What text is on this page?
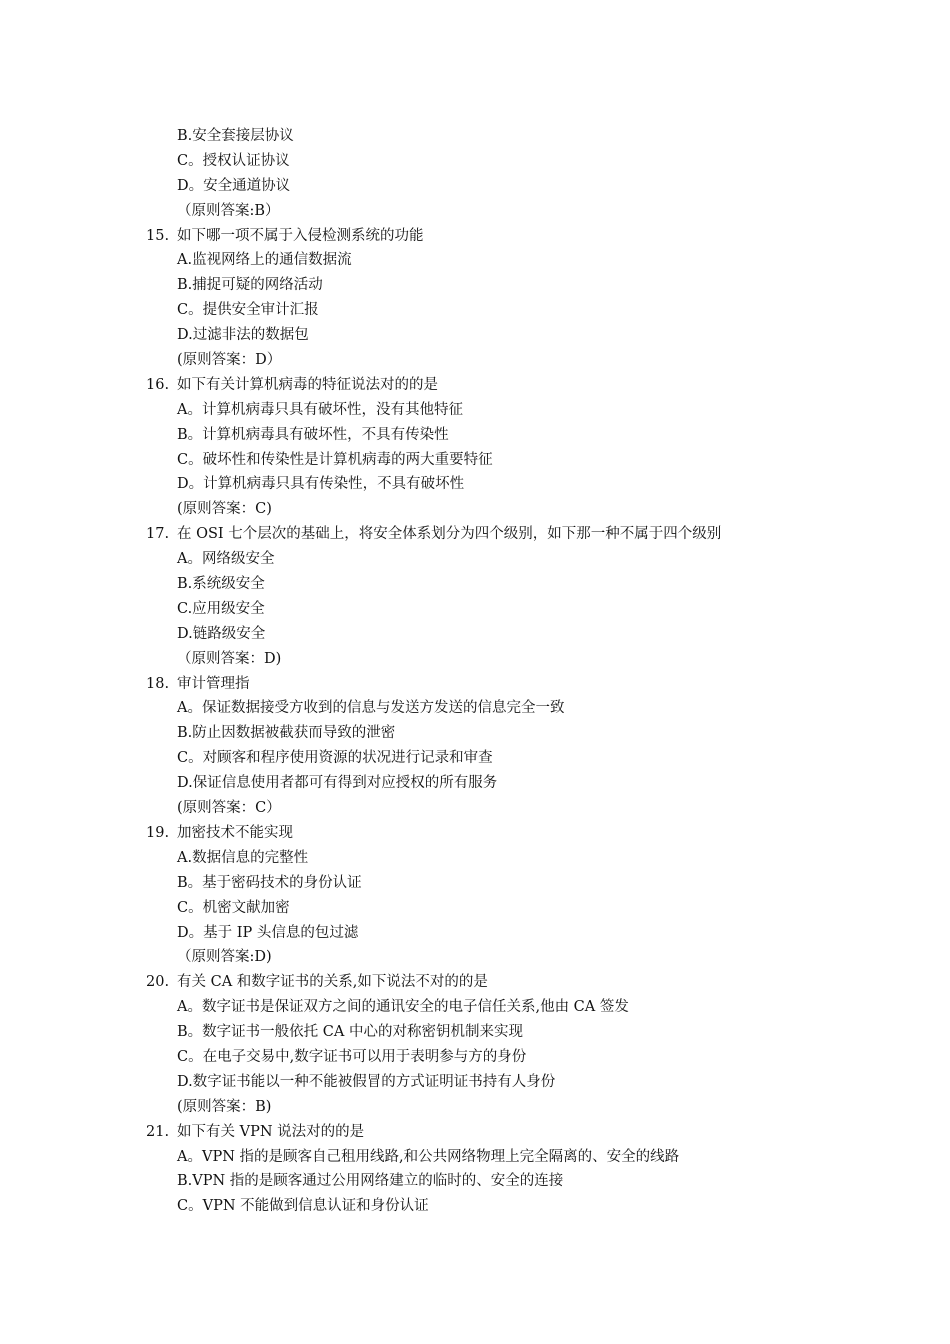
B.安全套接层协议
C。授权认证协议
D。安全通道协议
（原则答案:B）
15. 如下哪一项不属于入侵检测系统的功能
A.监视网络上的通信数据流
B.捕捉可疑的网络活动
C。提供安全审计汇报
D.过滤非法的数据包
(原则答案：D）
16. 如下有关计算机病毒的特征说法对的的是
A。计算机病毒只具有破坏性，没有其他特征
B。计算机病毒具有破坏性，不具有传染性
C。破坏性和传染性是计算机病毒的两大重要特征
D。计算机病毒只具有传染性，不具有破坏性
(原则答案：C)
17. 在 OSI 七个层次的基础上，将安全体系划分为四个级别，如下那一种不属于四个级别
A。网络级安全
B.系统级安全
C.应用级安全
D.链路级安全
（原则答案：D)
18. 审计管理指
A。保证数据接受方收到的信息与发送方发送的信息完全一致
B.防止因数据被截获而导致的泄密
C。对顾客和程序使用资源的状况进行记录和审查
D.保证信息使用者都可有得到对应授权的所有服务
(原则答案：C）
19. 加密技术不能实现
A.数据信息的完整性
B。基于密码技术的身份认证
C。机密文献加密
D。基于 IP 头信息的包过滤
（原则答案:D)
20. 有关 CA 和数字证书的关系,如下说法不对的的是
A。数字证书是保证双方之间的通讯安全的电子信任关系,他由 CA 签发
B。数字证书一般依托 CA 中心的对称密钥机制来实现
C。在电子交易中,数字证书可以用于表明参与方的身份
D.数字证书能以一种不能被假冒的方式证明证书持有人身份
(原则答案：B)
21. 如下有关 VPN 说法对的的是
A。VPN 指的是顾客自己租用线路,和公共网络物理上完全隔离的、安全的线路
B.VPN 指的是顾客通过公用网络建立的临时的、安全的连接
C。VPN 不能做到信息认证和身份认证
